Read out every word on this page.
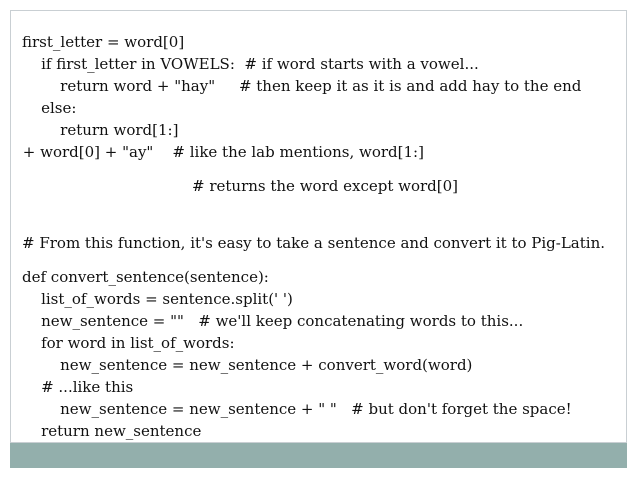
first_letter = word[0]
if first_letter in VOWELS:  # if word starts with a vowel...
return word + "hay"     # then keep it as it is and add hay to the end
else:
return word[1:]
+ word[0] + "ay"    # like the lab mentions, word[1:]
# returns the word except word[0]
# From this function, it's easy to take a sentence and convert it to Pig-Latin.
def convert_sentence(sentence):
list_of_words = sentence.split(' ')
new_sentence = ""   # we'll keep concatenating words to this...
for word in list_of_words:
new_sentence = new_sentence + convert_word(word)
# ...like this
new_sentence = new_sentence + " "   # but don't forget the space!
return new_sentence
